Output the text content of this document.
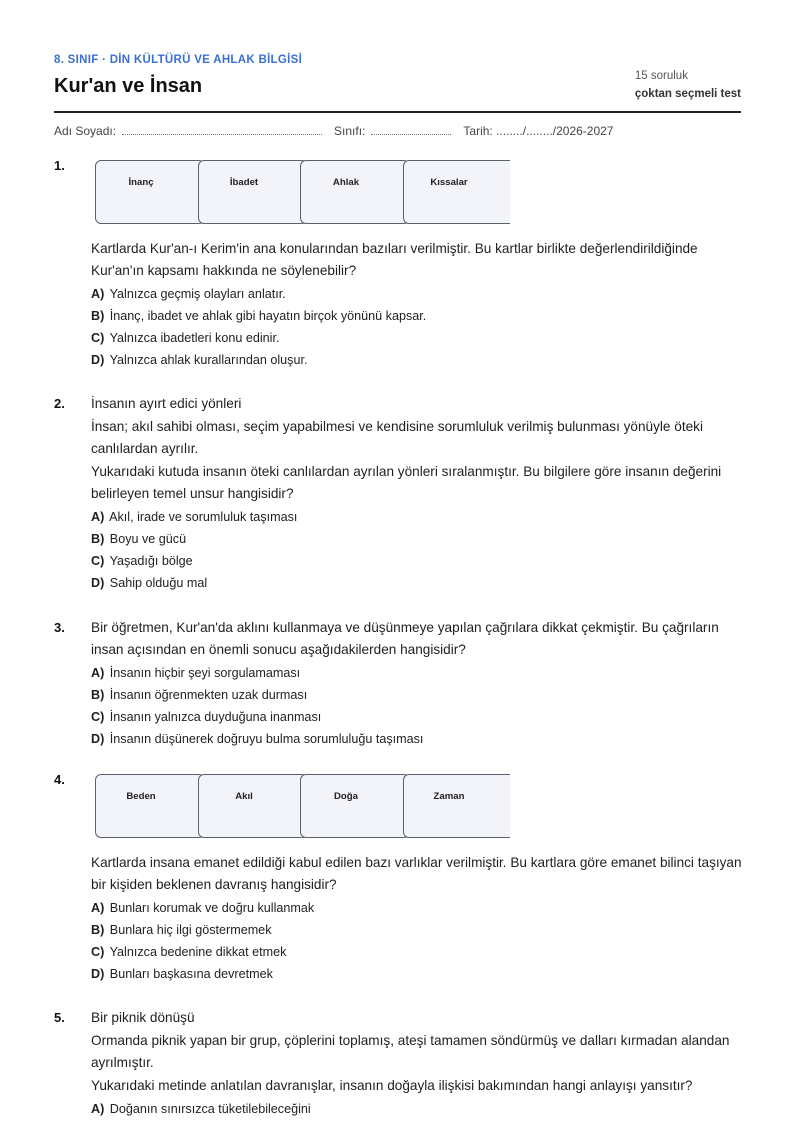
8. SINIF · DİN KÜLTÜRÜ VE AHLAK BİLGİSİ
Kur'an ve İnsan	15 soruluk
çoktan seçmeli test
Adı Soyadı:	Sınıfı:	Tarih: ......../......../2026-2027
1.
İnanç	İbadet	Ahlak	Kıssalar

Kartlarda Kur'an-ı Kerim'in ana konularından bazıları verilmiştir. Bu kartlar birlikte değerlendirildiğinde Kur'an'ın kapsamı hakkında ne söylenebilir?

A) Yalnızca geçmiş olayları anlatır.
B) İnanç, ibadet ve ahlak gibi hayatın birçok yönünü kapsar.
C) Yalnızca ibadetleri konu edinir.
D) Yalnızca ahlak kurallarından oluşur.
2. İnsanın ayırt edici yönleri

İnsan; akıl sahibi olması, seçim yapabilmesi ve kendisine sorumluluk verilmiş bulunması yönüyle öteki canlılardan ayrılır.

Yukarıdaki kutuda insanın öteki canlılardan ayrılan yönleri sıralanmıştır. Bu bilgilere göre insanın değerini belirleyen temel unsur hangisidir?

A) Akıl, irade ve sorumluluk taşıması
B) Boyu ve gücü
C) Yaşadığı bölge
D) Sahip olduğu mal
3. Bir öğretmen, Kur'an'da aklını kullanmaya ve düşünmeye yapılan çağrılara dikkat çekmiştir. Bu çağrıların insan açısından en önemli sonucu aşağıdakilerden hangisidir?

A) İnsanın hiçbir şeyi sorgulamaması
B) İnsanın öğrenmekten uzak durması
C) İnsanın yalnızca duyduğuna inanması
D) İnsanın düşünerek doğruyu bulma sorumluluğu taşıması
4.
Beden	Akıl	Doğa	Zaman

Kartlarda insana emanet edildiği kabul edilen bazı varlıklar verilmiştir. Bu kartlara göre emanet bilinci taşıyan bir kişiden beklenen davranış hangisidir?

A) Bunları korumak ve doğru kullanmak
B) Bunlara hiç ilgi göstermemek
C) Yalnızca bedenine dikkat etmek
D) Bunları başkasına devretmek
5. Bir piknik dönüşü

Ormanda piknik yapan bir grup, çöplerini toplamış, ateşi tamamen söndürmüş ve dalları kırmadan alandan ayrılmıştır.

Yukarıdaki metinde anlatılan davranışlar, insanın doğayla ilişkisi bakımından hangi anlayışı yansıtır?

A) Doğanın sınırsızca tüketilebileceğini
